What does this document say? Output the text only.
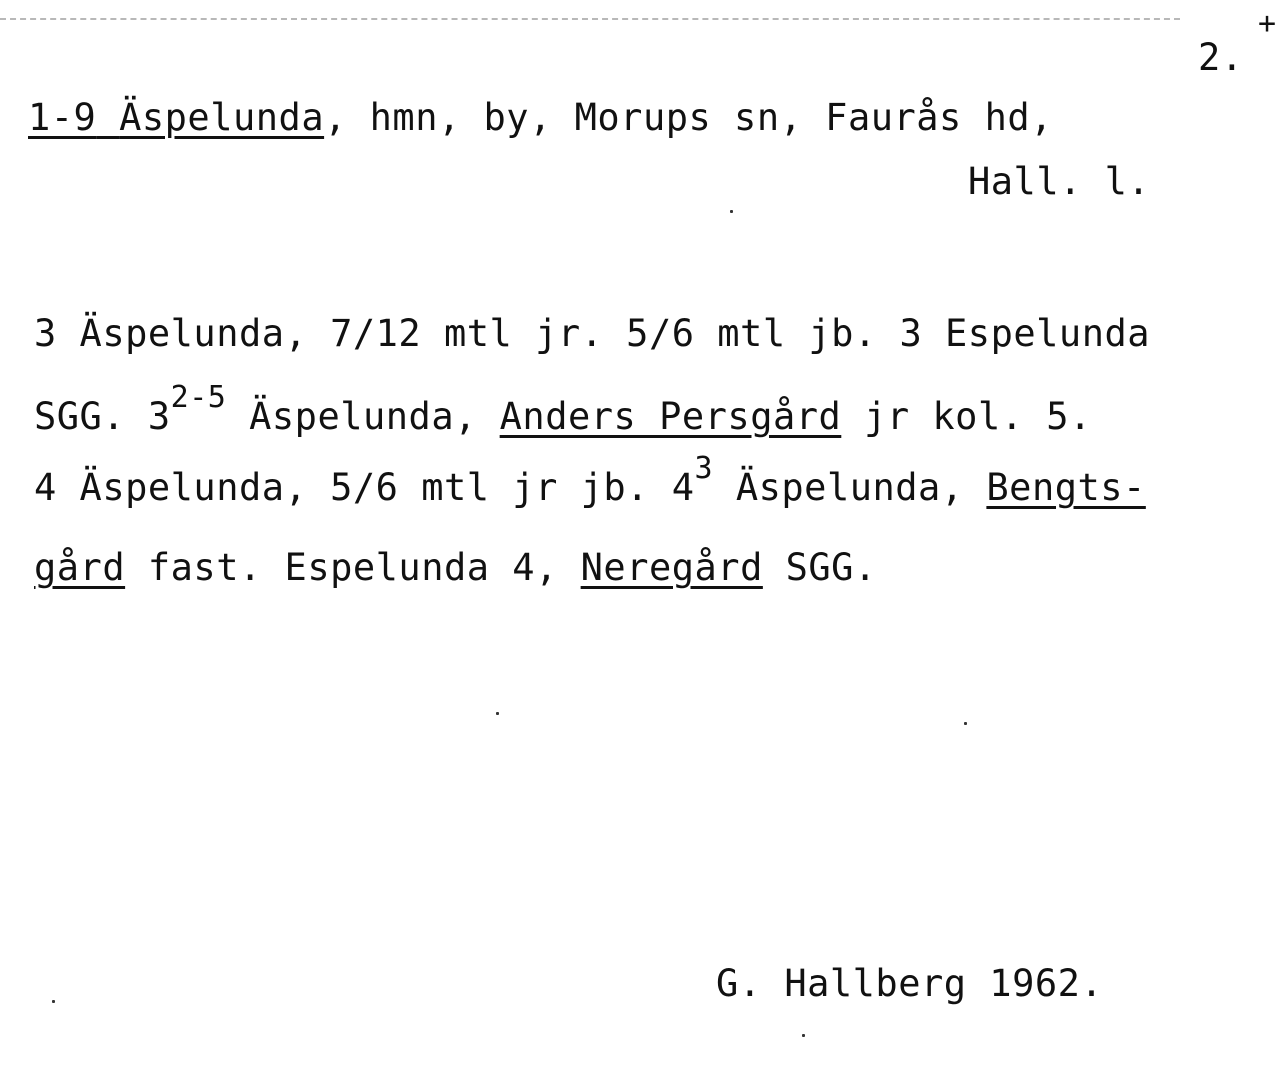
2.
+
1-9 Äspelunda, hmn, by, Morups sn, Faurås hd,
Hall. l.
3 Äspelunda, 7/12 mtl jr. 5/6 mtl jb. 3 Espelunda
SGG. 3$^{2-5}$ Äspelunda, Anders Persgård jr kol. 5.
4 Äspelunda, 5/6 mtl jr jb. $4^3$ Äspelunda, Bengts-
gård fast. Espelunda 4, Neregård SGG.
G. Hallberg 1962.
